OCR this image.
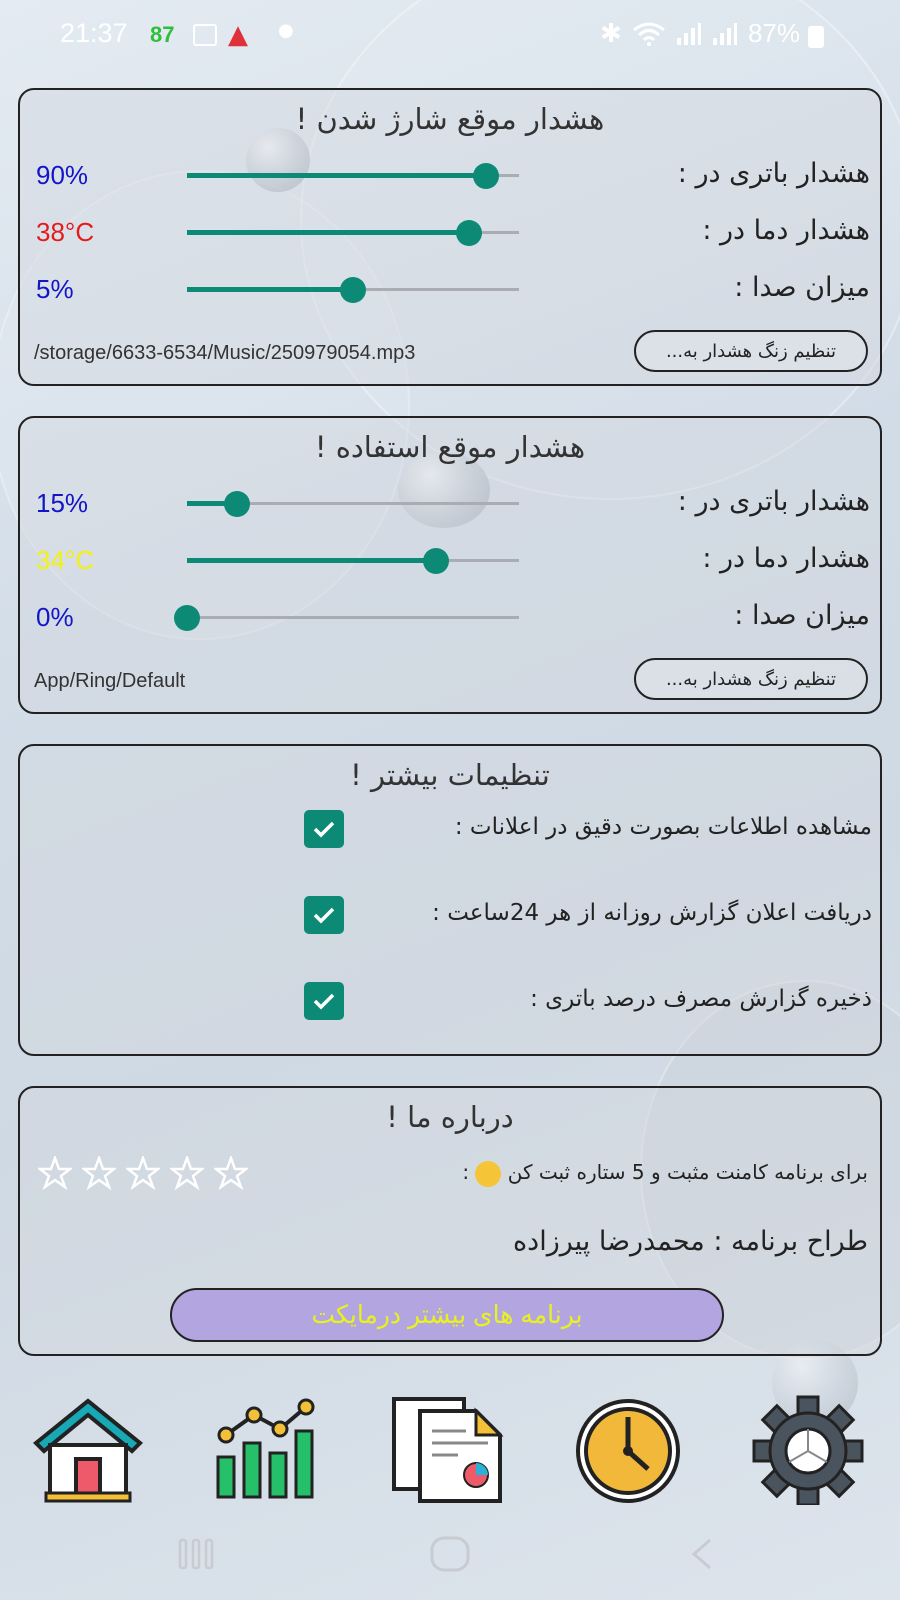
21:37 87 ▲ ●	✱	87%
هشدار موقع شارژ شدن !
90%	هشدار باتری در :
38°C	هشدار دما در :
5%	میزان صدا :
/storage/6633-6534/Music/250979054.mp3	تنظیم زنگ هشدار به...
هشدار موقع استفاده !
15%	هشدار باتری در :
34°C	هشدار دما در :
0%	میزان صدا :
App/Ring/Default	تنظیم زنگ هشدار به...
تنظیمات بیشتر !
مشاهده اطلاعات بصورت دقیق در اعلانات :
دریافت اعلان گزارش روزانه از هر 24ساعت :
ذخیره گزارش مصرف درصد باتری :
درباره ما !
برای برنامه کامنت مثبت و 5 ستاره ثبت کن  :
طراح برنامه : محمدرضا پیرزاده
برنامه های بیشتر درمایکت
